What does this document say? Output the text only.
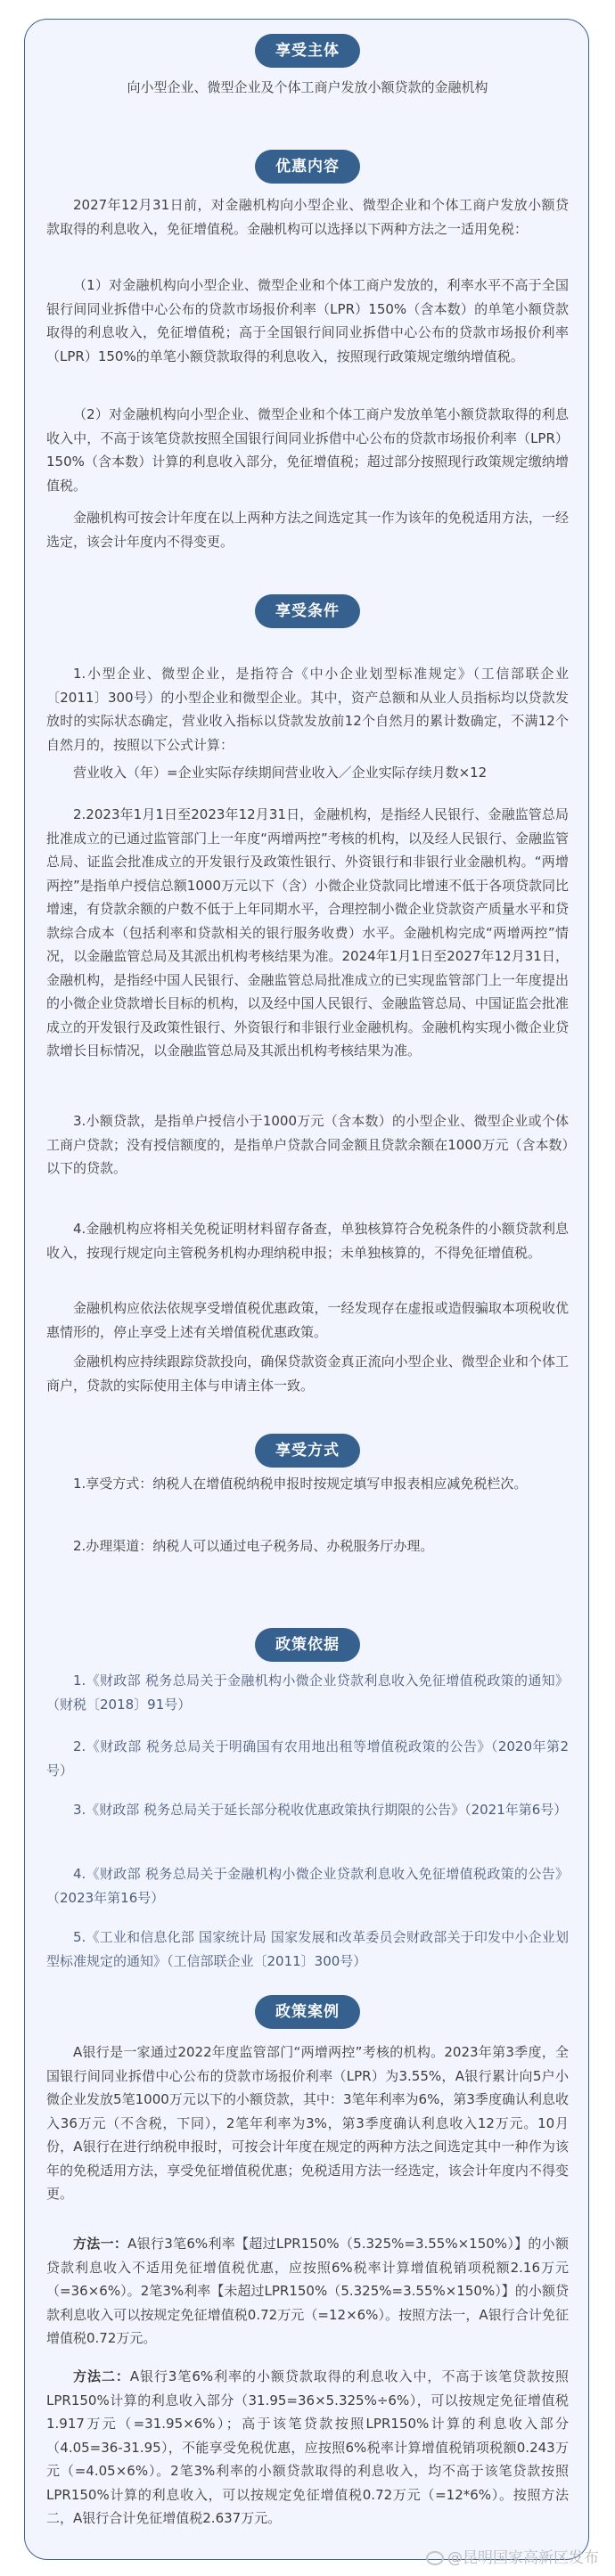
享受主体
向小型企业、微型企业及个体工商户发放小额贷款的金融机构
优惠内容

2027年12月31日前，对金融机构向小型企业、微型企业和个体工商户发放小额贷款取得的利息收入，免征增值税。金融机构可以选择以下两种方法之一适用免税：

（1）对金融机构向小型企业、微型企业和个体工商户发放的，利率水平不高于全国银行间同业拆借中心公布的贷款市场报价利率（LPR）150%（含本数）的单笔小额贷款取得的利息收入，免征增值税；高于全国银行间同业拆借中心公布的贷款市场报价利率（LPR）150%的单笔小额贷款取得的利息收入，按照现行政策规定缴纳增值税。

（2）对金融机构向小型企业、微型企业和个体工商户发放单笔小额贷款取得的利息收入中，不高于该笔贷款按照全国银行间同业拆借中心公布的贷款市场报价利率（LPR）150%（含本数）计算的利息收入部分，免征增值税；超过部分按照现行政策规定缴纳增值税。

金融机构可按会计年度在以上两种方法之间选定其一作为该年的免税适用方法，一经选定，该会计年度内不得变更。

享受条件

1.小型企业、微型企业，是指符合《中小企业划型标准规定》（工信部联企业〔2011〕300号）的小型企业和微型企业。其中，资产总额和从业人员指标均以贷款发放时的实际状态确定，营业收入指标以贷款发放前12个自然月的累计数确定，不满12个自然月的，按照以下公式计算：

营业收入（年）=企业实际存续期间营业收入／企业实际存续月数×12

2.2023年1月1日至2023年12月31日，金融机构，是指经人民银行、金融监管总局批准成立的已通过监管部门上一年度“两增两控”考核的机构，以及经人民银行、金融监管总局、证监会批准成立的开发银行及政策性银行、外资银行和非银行业金融机构。“两增两控”是指单户授信总额1000万元以下（含）小微企业贷款同比增速不低于各项贷款同比增速，有贷款余额的户数不低于上年同期水平，合理控制小微企业贷款资产质量水平和贷款综合成本（包括利率和贷款相关的银行服务收费）水平。金融机构完成“两增两控”情况，以金融监管总局及其派出机构考核结果为准。2024年1月1日至2027年12月31日，金融机构，是指经中国人民银行、金融监管总局批准成立的已实现监管部门上一年度提出的小微企业贷款增长目标的机构，以及经中国人民银行、金融监管总局、中国证监会批准成立的开发银行及政策性银行、外资银行和非银行业金融机构。金融机构实现小微企业贷款增长目标情况，以金融监管总局及其派出机构考核结果为准。

3.小额贷款，是指单户授信小于1000万元（含本数）的小型企业、微型企业或个体工商户贷款；没有授信额度的，是指单户贷款合同金额且贷款余额在1000万元（含本数）以下的贷款。

4.金融机构应将相关免税证明材料留存备查，单独核算符合免税条件的小额贷款利息收入，按现行规定向主管税务机构办理纳税申报；未单独核算的，不得免征增值税。

金融机构应依法依规享受增值税优惠政策，一经发现存在虚报或造假骗取本项税收优惠情形的，停止享受上述有关增值税优惠政策。

金融机构应持续跟踪贷款投向，确保贷款资金真正流向小型企业、微型企业和个体工商户，贷款的实际使用主体与申请主体一致。

享受方式

1.享受方式：纳税人在增值税纳税申报时按规定填写申报表相应减免税栏次。

2.办理渠道：纳税人可以通过电子税务局、办税服务厅办理。

政策依据

1.《财政部 税务总局关于金融机构小微企业贷款利息收入免征增值税政策的通知》（财税〔2018〕91号）

2.《财政部 税务总局关于明确国有农用地出租等增值税政策的公告》（2020年第2号）

3.《财政部 税务总局关于延长部分税收优惠政策执行期限的公告》（2021年第6号）

4.《财政部 税务总局关于金融机构小微企业贷款利息收入免征增值税政策的公告》（2023年第16号）

5.《工业和信息化部 国家统计局 国家发展和改革委员会财政部关于印发中小企业划型标准规定的通知》（工信部联企业〔2011〕300号）

政策案例

A银行是一家通过2022年度监管部门“两增两控”考核的机构。2023年第3季度，全国银行间同业拆借中心公布的贷款市场报价利率（LPR）为3.55%，A银行累计向5户小微企业发放5笔1000万元以下的小额贷款，其中：3笔年利率为6%，第3季度确认利息收入36万元（不含税，下同），2笔年利率为3%，第3季度确认利息收入12万元。10月份，A银行在进行纳税申报时，可按会计年度在规定的两种方法之间选定其中一种作为该年的免税适用方法，享受免征增值税优惠；免税适用方法一经选定，该会计年度内不得变更。

方法一：A银行3笔6%利率【超过LPR150%（5.325%=3.55%×150%）】的小额贷款利息收入不适用免征增值税优惠，应按照6%税率计算增值税销项税额2.16万元（=36×6%）。2笔3%利率【未超过LPR150%（5.325%=3.55%×150%）】的小额贷款利息收入可以按规定免征增值税0.72万元（=12×6%）。按照方法一，A银行合计免征增值税0.72万元。

方法二：A银行3笔6%利率的小额贷款取得的利息收入中，不高于该笔贷款按照LPR150%计算的利息收入部分（31.95=36×5.325%÷6%），可以按规定免征增值税1.917万元（=31.95×6%）；高于该笔贷款按照LPR150%计算的利息收入部分（4.05=36-31.95），不能享受免税优惠，应按照6%税率计算增值税销项税额0.243万元（=4.05×6%）。2笔3%利率的小额贷款取得的利息收入，均不高于该笔贷款按照LPR150%计算的利息收入，可以按规定免征增值税0.72万元（=12*6%）。按照方法二，A银行合计免征增值税2.637万元。

@昆明国家高新区发布
